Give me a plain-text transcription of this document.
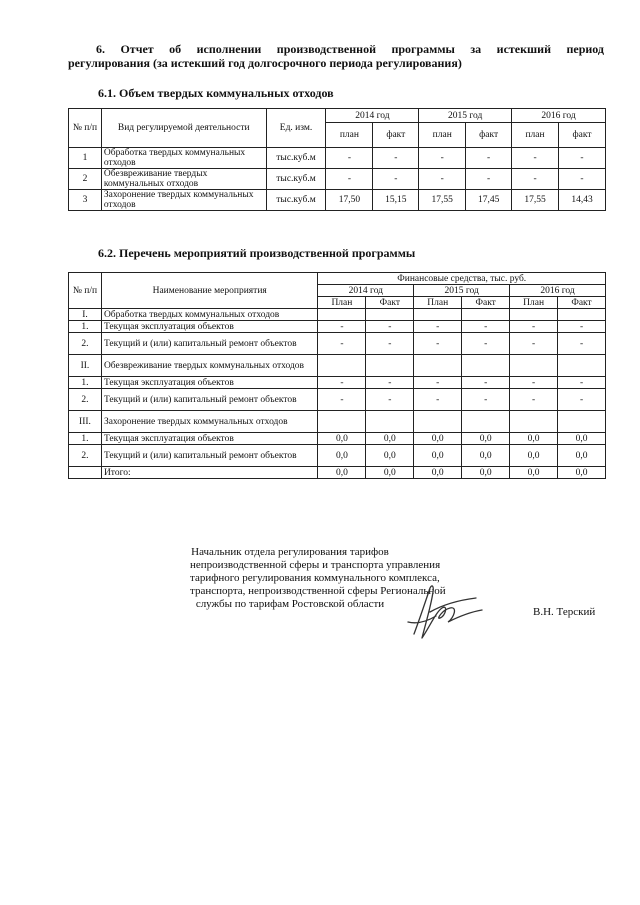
6. Отчет об исполнении производственной программы за истекший период
регулирования (за истекший год долгосрочного периода регулирования)
6.1. Объем твердых коммунальных отходов
№ п/п	Вид регулируемой деятельности	Ед. изм.	2014 год		2015 год		2016 год	
			план	факт	план	факт	план	факт
1	Обработка твердых коммунальных отходов	тыс.куб.м	-	-	-	-	-	-
2	Обезвреживание твердых коммунальных отходов	тыс.куб.м	-	-	-	-	-	-
3	Захоронение твердых коммунальных отходов	тыс.куб.м	17,50	15,15	17,55	17,45	17,55	14,43
6.2. Перечень мероприятий производственной программы
№ п/п	Наименование мероприятия	Финансовые средства, тыс. руб.					
		2014 год		2015 год		2016 год	
		План	Факт	План	Факт	План	Факт
I.	Обработка твердых коммунальных отходов						
1.	Текущая эксплуатация объектов	-	-	-	-	-	-
2.	Текущий и (или) капитальный ремонт объектов	-	-	-	-	-	-
II.	Обезвреживание твердых коммунальных отходов						
1.	Текущая эксплуатация объектов	-	-	-	-	-	-
2.	Текущий и (или) капитальный ремонт объектов	-	-	-	-	-	-
III.	Захоронение твердых коммунальных отходов						
1.	Текущая эксплуатация объектов	0,0	0,0	0,0	0,0	0,0	0,0
2.	Текущий и (или) капитальный ремонт объектов	0,0	0,0	0,0	0,0	0,0	0,0
	Итого:	0,0	0,0	0,0	0,0	0,0	0,0
Начальник отдела регулирования тарифов
непроизводственной сферы и транспорта управления
тарифного регулирования коммунального комплекса,
транспорта, непроизводственной сферы Региональной
службы по тарифам Ростовской области
В.Н. Терский
